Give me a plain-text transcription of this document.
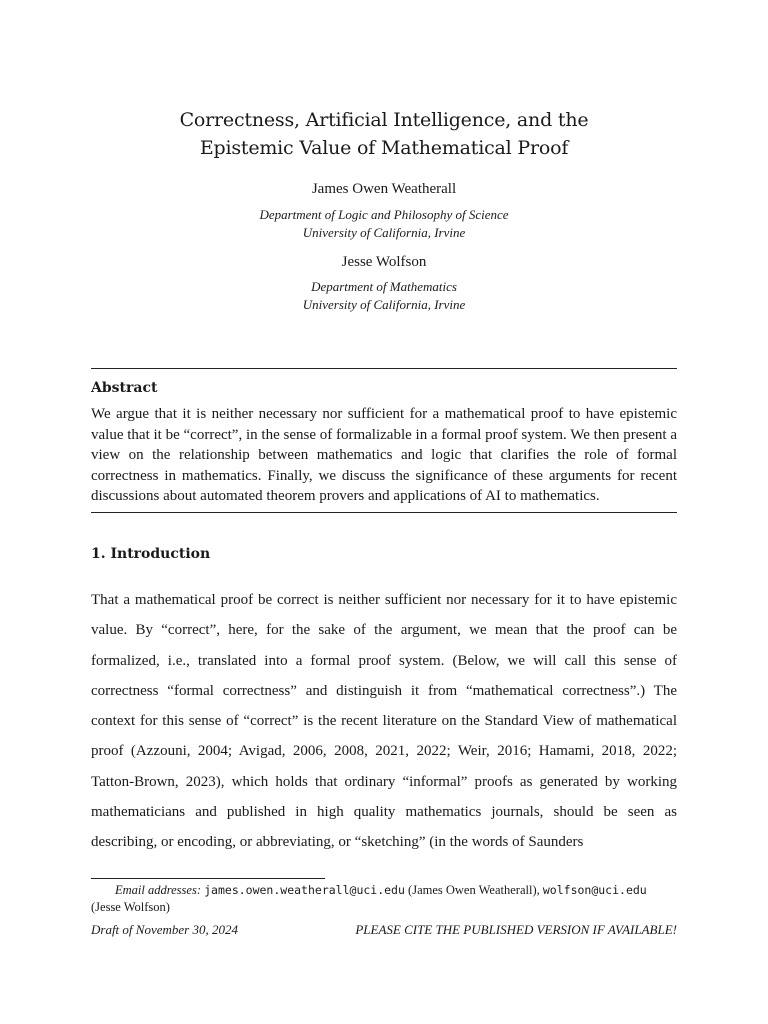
Correctness, Artificial Intelligence, and the
Epistemic Value of Mathematical Proof
James Owen Weatherall
Department of Logic and Philosophy of Science
University of California, Irvine
Jesse Wolfson
Department of Mathematics
University of California, Irvine
Abstract
We argue that it is neither necessary nor sufficient for a mathematical proof to have epistemic value that it be “correct”, in the sense of formalizable in a formal proof system. We then present a view on the relationship between mathematics and logic that clarifies the role of formal correctness in mathematics. Finally, we discuss the significance of these arguments for recent discussions about automated theorem provers and applications of AI to mathematics.
1. Introduction
That a mathematical proof be correct is neither sufficient nor necessary for it to have epistemic value. By “correct”, here, for the sake of the argument, we mean that the proof can be formalized, i.e., translated into a formal proof system. (Below, we will call this sense of correctness “formal correctness” and distinguish it from “mathematical correctness”.) The context for this sense of “correct” is the recent literature on the Standard View of mathematical proof (Azzouni, 2004; Avigad, 2006, 2008, 2021, 2022; Weir, 2016; Hamami, 2018, 2022; Tatton-Brown, 2023), which holds that ordinary “informal” proofs as generated by working mathematicians and published in high quality mathematics journals, should be seen as describing, or encoding, or abbreviating, or “sketching” (in the words of Saunders
Email addresses: james.owen.weatherall@uci.edu (James Owen Weatherall), wolfson@uci.edu
(Jesse Wolfson)
Draft of November 30, 2024	PLEASE CITE THE PUBLISHED VERSION IF AVAILABLE!
